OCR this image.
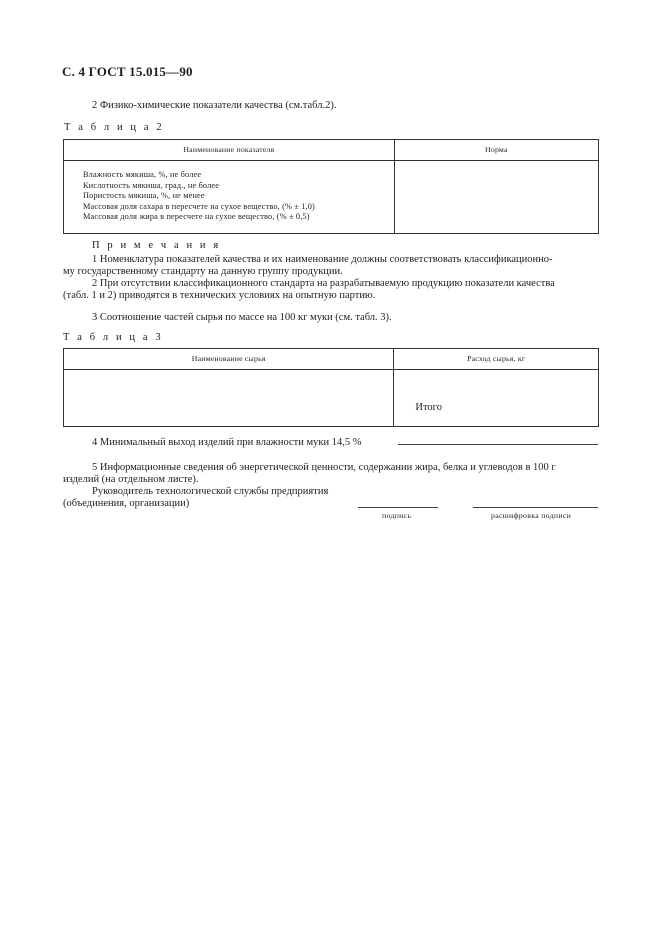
С. 4 ГОСТ 15.015—90
2 Физико-химические показатели качества (см.табл.2).
Т а б л и ц а 2
Наименование показателя	Норма

Влажность мякиша, %, не более
Кислотность мякиша, град., не более
Пористость мякиша, %, не менее
Массовая доля сахара в пересчете на сухое вещество, (% ± 1,0)
Массовая доля жира в пересчете на сухое вещество, (% ± 0,5)	

П р и м е ч а н и я
1 Номенклатура показателей качества и их наименование должны соответствовать классификационно-
му государственному стандарту на данную группу продукции.
2 При отсутствии классификационного стандарта на разрабатываемую продукцию показатели качества
(табл. 1 и 2) приводятся в технических условиях на опытную партию.
3 Соотношение частей сырья по массе на 100 кг муки (см. табл. 3).
Т а б л и ц а 3
Наименование сырья	Расход сырья, кг

	Итого
4 Минимальный выход изделий при влажности муки 14,5 %
5 Информационные сведения об энергетической ценности, содержании жира, белка и углеводов в 100 г
изделий (на отдельном листе).
Руководитель технологической службы предприятия
(объединения, организации)
подпись	расшифровка подписи
